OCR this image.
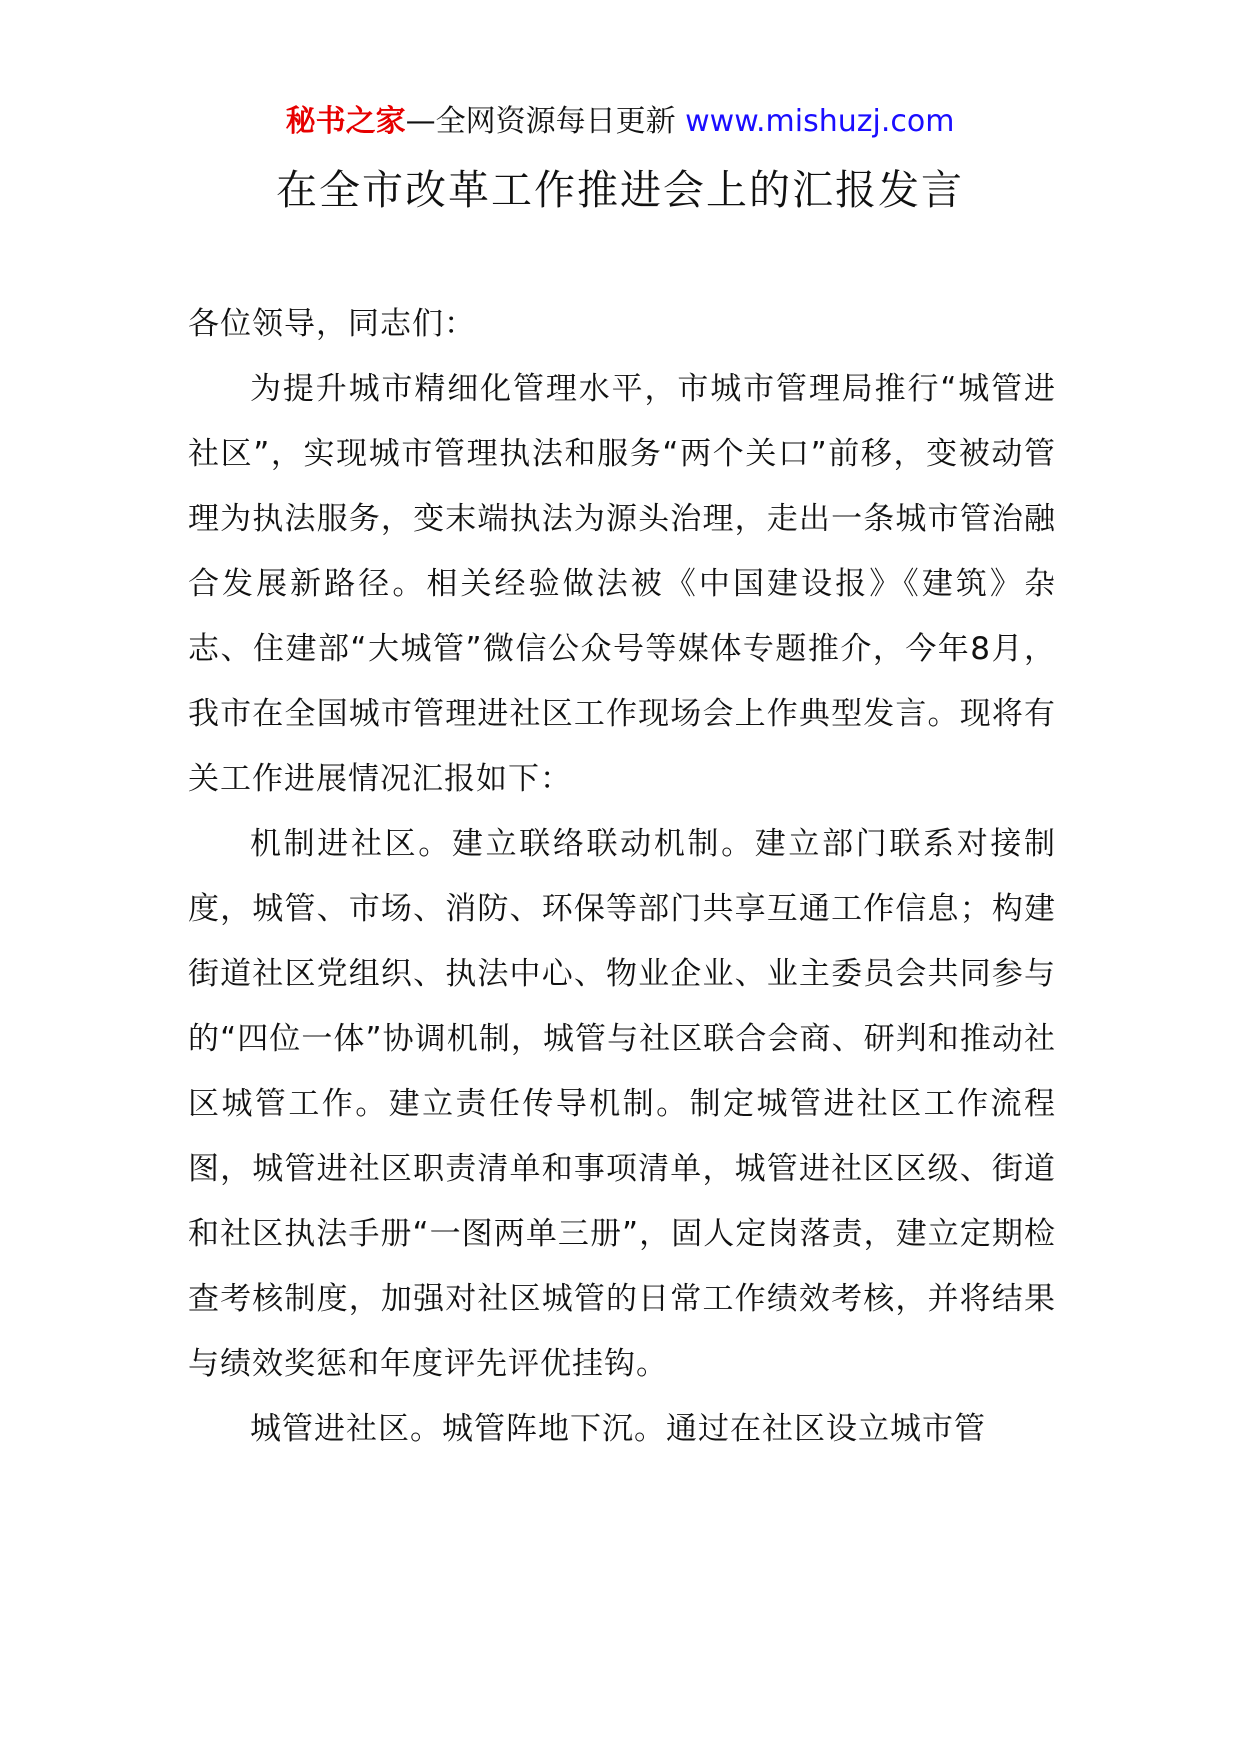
秘书之家—全网资源每日更新 www.mishuzj.com
在全市改革工作推进会上的汇报发言

各位领导，同志们：

为提升城市精细化管理水平，市城市管理局推行“城管进社区”，实现城市管理执法和服务“两个关口”前移，变被动管理为执法服务，变末端执法为源头治理，走出一条城市管治融合发展新路径。相关经验做法被《中国建设报》《建筑》杂志、住建部“大城管”微信公众号等媒体专题推介，今年8月，我市在全国城市管理进社区工作现场会上作典型发言。现将有关工作进展情况汇报如下：

机制进社区。建立联络联动机制。建立部门联系对接制度，城管、市场、消防、环保等部门共享互通工作信息；构建街道社区党组织、执法中心、物业企业、业主委员会共同参与的“四位一体”协调机制，城管与社区联合会商、研判和推动社区城管工作。建立责任传导机制。制定城管进社区工作流程图，城管进社区职责清单和事项清单，城管进社区区级、街道和社区执法手册“一图两单三册”，固人定岗落责，建立定期检查考核制度，加强对社区城管的日常工作绩效考核，并将结果与绩效奖惩和年度评先评优挂钩。

城管进社区。城管阵地下沉。通过在社区设立城市管
